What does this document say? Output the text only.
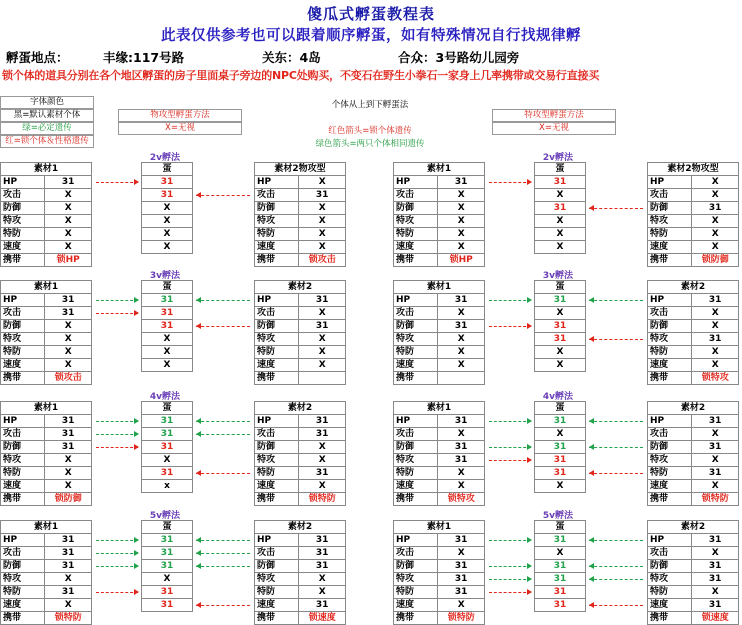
傻瓜式孵蛋教程表
此表仅供参考也可以跟着顺序孵蛋，如有特殊情况自行找规律孵
孵蛋地点：	丰缘:117号路	关东：4岛	合众：3号路幼儿园旁
锁个体的道具分别在各个地区孵蛋的房子里面桌子旁边的NPC处购买，不变石在野生小拳石一家身上几率携带或交易行直接买
字体颜色
黑=默认素材个体
绿=必定遗传
红=锁个体＆性格遗传
个体从上到下孵蛋法
物攻型孵蛋方法
X=无视
特攻型孵蛋方法
X=无视
红色箭头=锁个体遗传
绿色箭头=两只个体相同遗传
2v孵法
素材1	
HP	31
攻击	X
防御	X
特攻	X
特防	X
速度	X
携带	锁HP
蛋
31
31
X
X
X
X

素材2物攻型	
HP	X
攻击	31
防御	X
特攻	X
特防	X
速度	X
携带	锁攻击
2v孵法
素材1	
HP	31
攻击	X
防御	X
特攻	X
特防	X
速度	X
携带	锁HP
蛋
31
X
31
X
X
X

素材2物攻型	
HP	X
攻击	X
防御	31
特攻	X
特防	X
速度	X
携带	锁防御
3v孵法
素材1	
HP	31
攻击	31
防御	X
特攻	X
特防	X
速度	X
携带	锁攻击
蛋
31
31
31
X
X
X

素材2	
HP	31
攻击	X
防御	31
特攻	X
特防	X
速度	X
携带	
3v孵法
素材1	
HP	31
攻击	X
防御	31
特攻	X
特防	X
速度	X
携带	
蛋
31
X
31
31
X
X

素材2	
HP	31
攻击	X
防御	X
特攻	31
特防	X
速度	X
携带	锁特攻
4v孵法
素材1	
HP	31
攻击	31
防御	31
特攻	X
特防	X
速度	X
携带	锁防御
蛋
31
31
31
X
31
x

素材2	
HP	31
攻击	31
防御	X
特攻	X
特防	31
速度	X
携带	锁特防
4v孵法
素材1	
HP	31
攻击	X
防御	31
特攻	31
特防	X
速度	X
携带	锁特攻
蛋
31
X
31
31
31
X

素材2	
HP	31
攻击	X
防御	31
特攻	X
特防	31
速度	X
携带	锁特防
5v孵法
素材1	
HP	31
攻击	31
防御	31
特攻	X
特防	31
速度	X
携带	锁特防
蛋
31
31
31
X
31
31

素材2	
HP	31
攻击	31
防御	31
特攻	X
特防	X
速度	31
携带	锁速度
5v孵法
素材1	
HP	31
攻击	X
防御	31
特攻	31
特防	31
速度	X
携带	锁特防
蛋
31
X
31
31
31
31

素材2	
HP	31
攻击	X
防御	31
特攻	31
特防	X
速度	31
携带	锁速度
